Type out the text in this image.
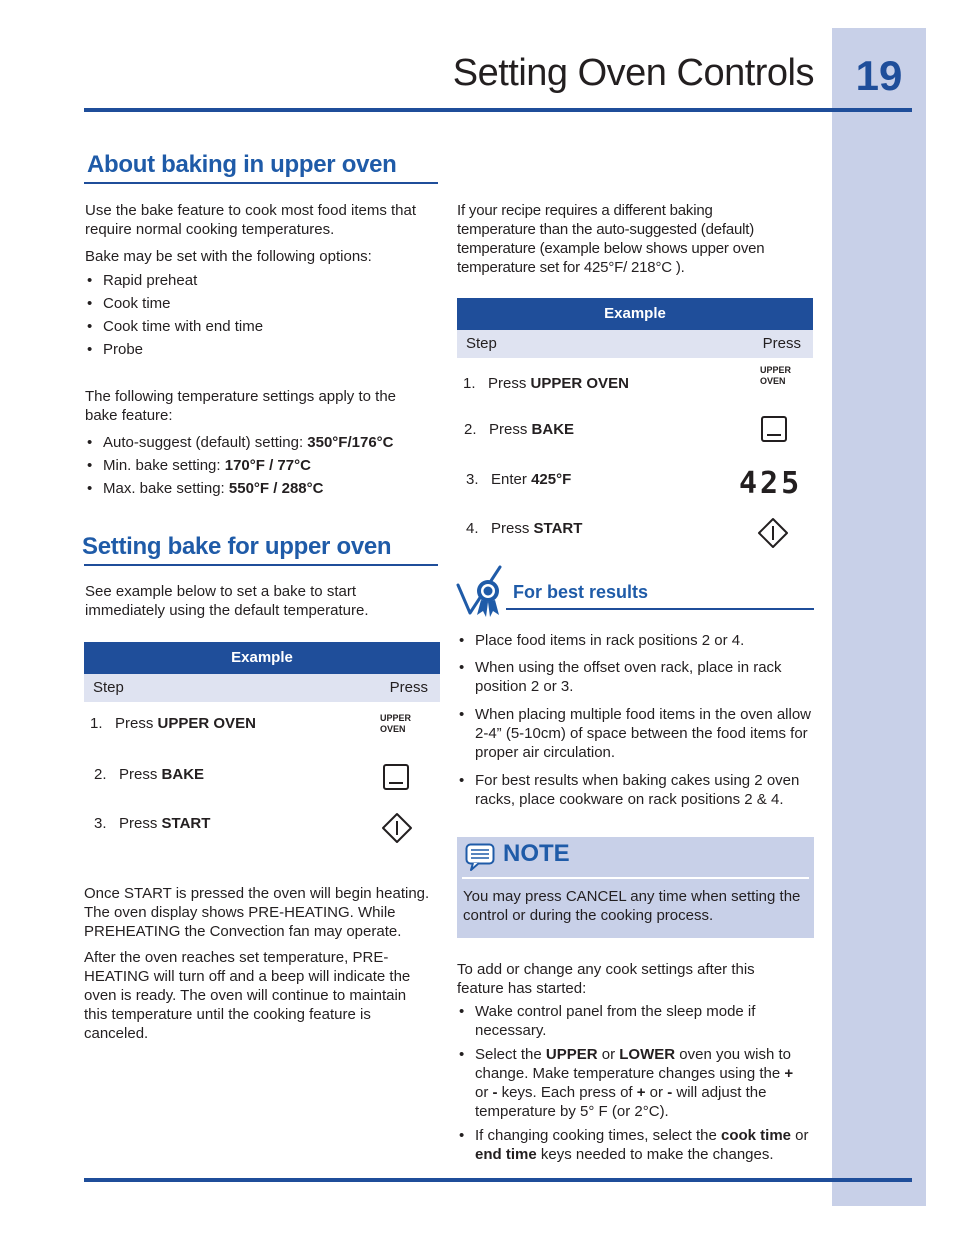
19
Setting Oven Controls
About baking in upper oven
Use the bake feature to cook most food items that require normal cooking temperatures.
Bake may be set with the following options:
• Rapid preheat
• Cook time
• Cook time with end time
• Probe
The following temperature settings apply to the bake feature:
• Auto-suggest (default) setting: 350°F/176°C
• Min. bake setting: 170°F / 77°C
• Max. bake setting: 550°F / 288°C
Setting bake for upper oven
See example below to set a bake to start immediately using the default temperature.
Example
Step	Press
1. Press UPPER OVEN	UPPER
OVEN
2. Press BAKE
3. Press START
Once START is pressed the oven will begin heating. The oven display shows PRE-HEATING. While PREHEATING the Convection fan may operate.
After the oven reaches set temperature, PRE-HEATING will turn off and a beep will indicate the oven is ready. The oven will continue to maintain this temperature until the cooking feature is canceled.
If your recipe requires a different baking temperature than the auto-suggested (default) temperature (example below shows upper oven temperature set for 425°F/ 218°C ).
Example
Step	Press
1. Press UPPER OVEN
UPPER
OVEN
2. Press BAKE
3. Enter 425°F	425
4. Press START
For best results
• Place food items in rack positions 2 or 4.
• When using the offset oven rack, place in rack position 2 or 3.
• When placing multiple food items in the oven allow 2-4” (5-10cm) of space between the food items for proper air circulation.
• For best results when baking cakes using 2 oven racks, place cookware on rack positions 2 & 4.
NOTE
You may press CANCEL any time when setting the control or during the cooking process.
To add or change any cook settings after this feature has started:
• Wake control panel from the sleep mode if necessary.
• Select the UPPER or LOWER oven you wish to change. Make temperature changes using the + or - keys. Each press of + or - will adjust the temperature by 5° F (or 2°C).
• If changing cooking times, select the cook time or end time keys needed to make the changes.
